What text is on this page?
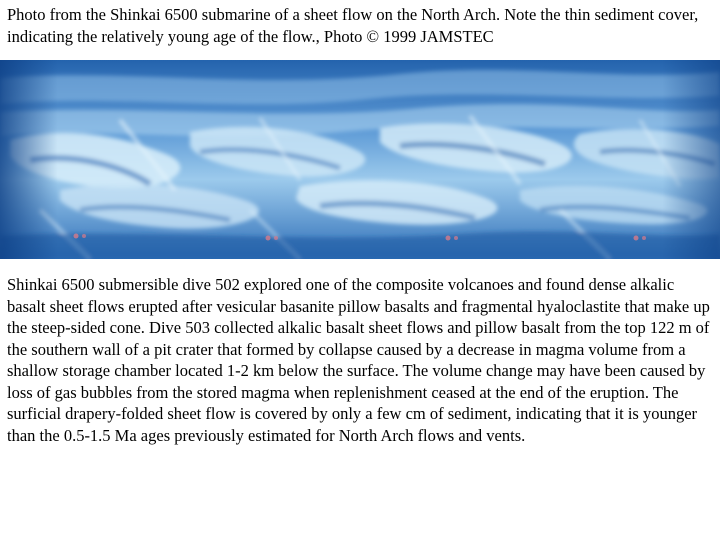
Photo from the Shinkai 6500 submarine of a sheet flow on the North Arch. Note the thin sediment cover, indicating the relatively young age of the flow., Photo © 1999 JAMSTEC

Shinkai 6500 submersible dive 502 explored one of the composite volcanoes and found dense alkalic basalt sheet flows erupted after vesicular basanite pillow basalts and fragmental hyaloclastite that make up the steep-sided cone. Dive 503 collected alkalic basalt sheet flows and pillow basalt from the top 122 m of the southern wall of a pit crater that formed by collapse caused by a decrease in magma volume from a shallow storage chamber located 1-2 km below the surface. The volume change may have been caused by loss of gas bubbles from the stored magma when replenishment ceased at the end of the eruption. The surficial drapery-folded sheet flow is covered by only a few cm of sediment, indicating that it is younger than the 0.5-1.5 Ma ages previously estimated for North Arch flows and vents.
